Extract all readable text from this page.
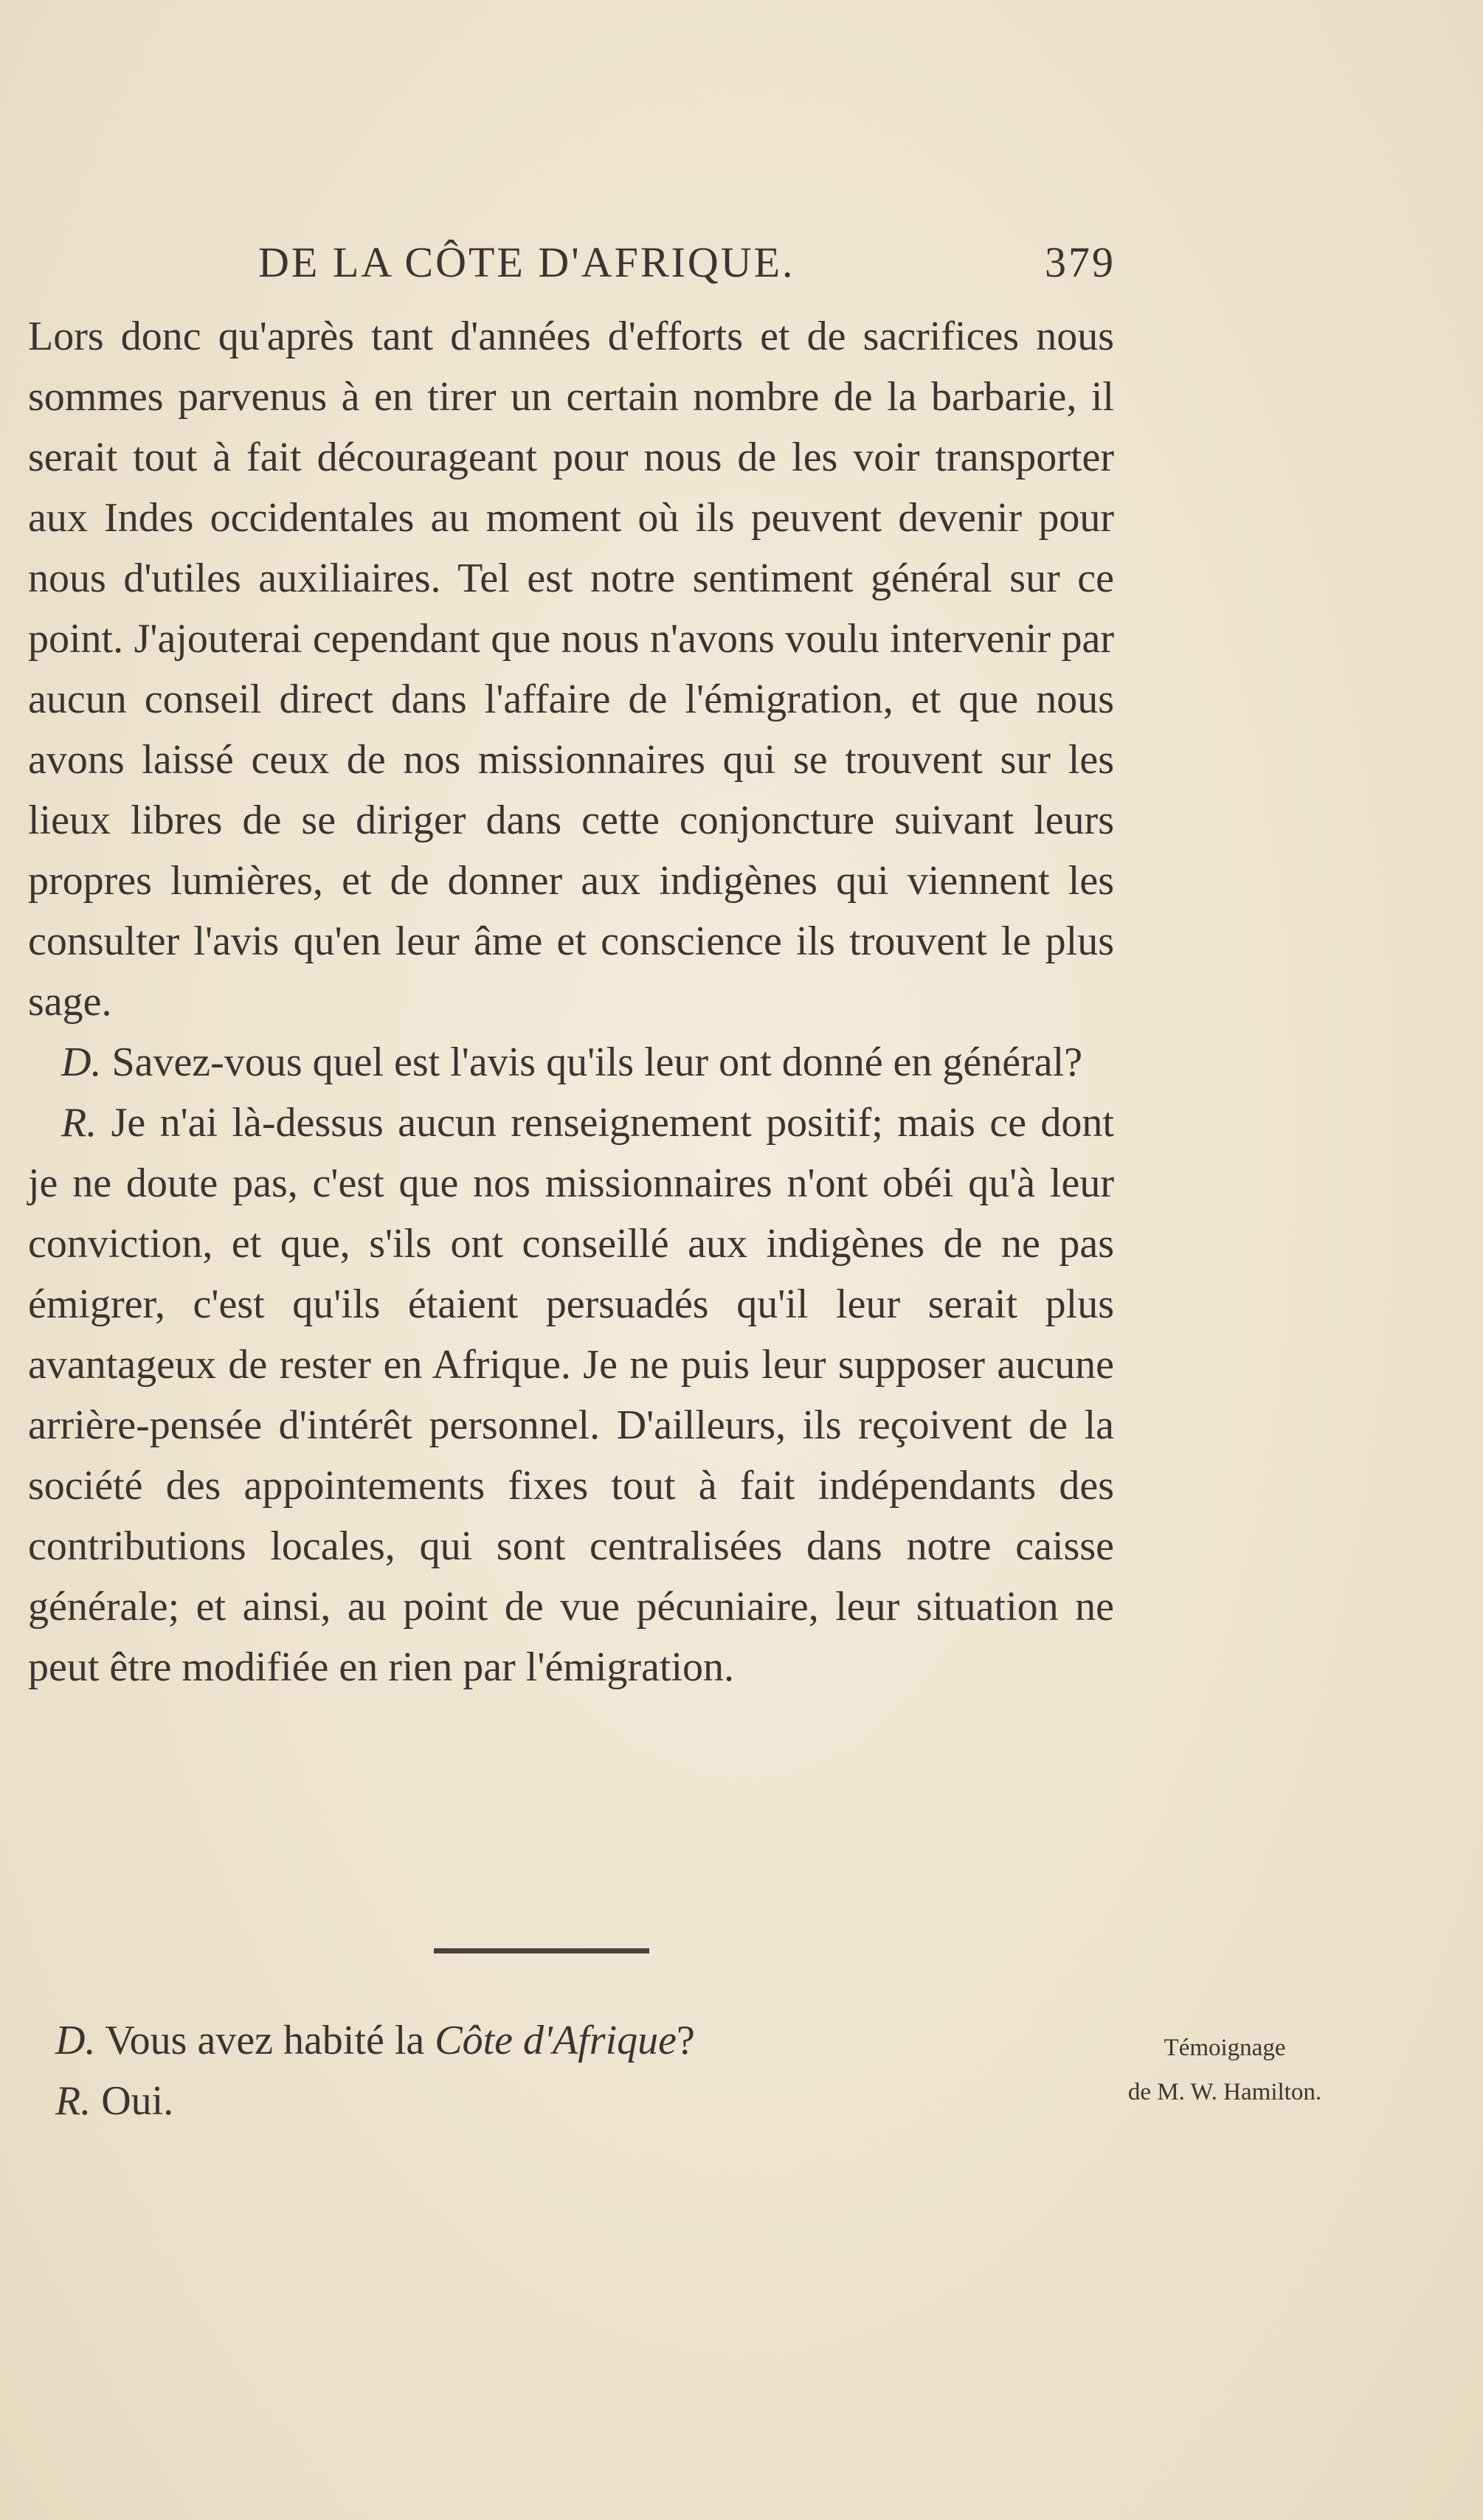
DE LA CÔTE D'AFRIQUE.	379

Lors donc qu'après tant d'années d'efforts et de sacrifices nous sommes parvenus à en tirer un certain nombre de la barbarie, il serait tout à fait décourageant pour nous de les voir transporter aux Indes occidentales au moment où ils peuvent devenir pour nous d'utiles auxiliaires. Tel est notre sentiment général sur ce point. J'ajouterai cependant que nous n'avons voulu intervenir par aucun conseil direct dans l'affaire de l'émigration, et que nous avons laissé ceux de nos missionnaires qui se trouvent sur les lieux libres de se diriger dans cette conjoncture suivant leurs propres lumières, et de donner aux indigènes qui viennent les consulter l'avis qu'en leur âme et conscience ils trouvent le plus sage.

D. Savez-vous quel est l'avis qu'ils leur ont donné en général?

R. Je n'ai là-dessus aucun renseignement positif; mais ce dont je ne doute pas, c'est que nos missionnaires n'ont obéi qu'à leur conviction, et que, s'ils ont conseillé aux indigènes de ne pas émigrer, c'est qu'ils étaient persuadés qu'il leur serait plus avantageux de rester en Afrique. Je ne puis leur supposer aucune arrière-pensée d'intérêt personnel. D'ailleurs, ils reçoivent de la société des appointements fixes tout à fait indépendants des contributions locales, qui sont centralisées dans notre caisse générale; et ainsi, au point de vue pécuniaire, leur situation ne peut être modifiée en rien par l'émigration.

D. Vous avez habité la Côte d'Afrique?

R. Oui.

Témoignage
de M. W. Hamilton.
